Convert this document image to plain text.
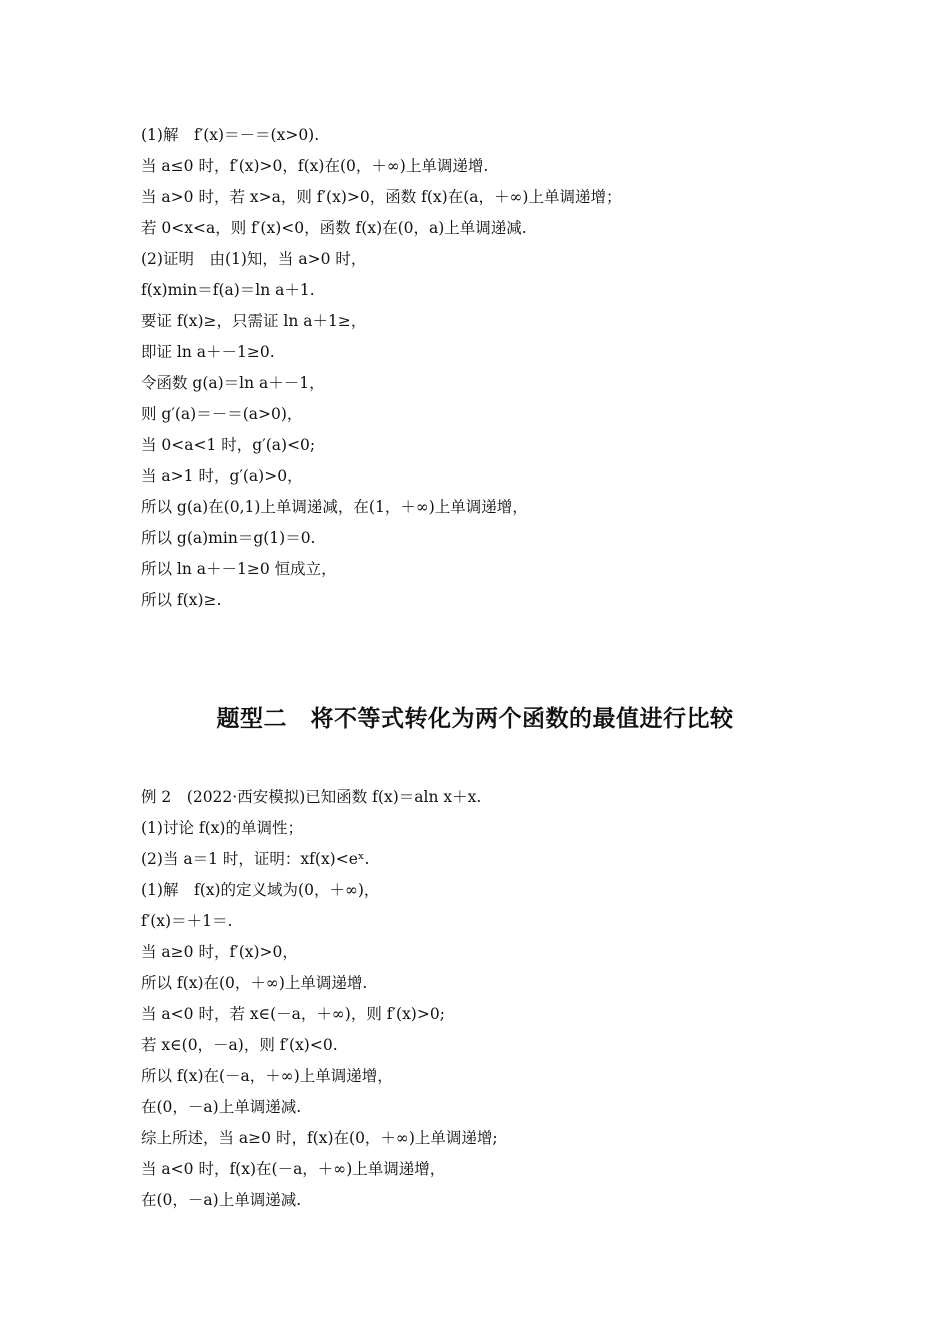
(1)解　f′(x)＝－＝(x>0).
当 a≤0 时，f′(x)>0，f(x)在(0，＋∞)上单调递增.
当 a>0 时，若 x>a，则 f′(x)>0，函数 f(x)在(a，＋∞)上单调递增；
若 0<x<a，则 f′(x)<0，函数 f(x)在(0，a)上单调递减.
(2)证明　由(1)知，当 a>0 时，
f(x)min＝f(a)＝ln a＋1.
要证 f(x)≥，只需证 ln a＋1≥，
即证 ln a＋－1≥0.
令函数 g(a)＝ln a＋－1，
则 g′(a)＝－＝(a>0)，
当 0<a<1 时，g′(a)<0;
当 a>1 时，g′(a)>0，
所以 g(a)在(0,1)上单调递减，在(1，＋∞)上单调递增，
所以 g(a)min＝g(1)＝0.
所以 ln a＋－1≥0 恒成立，
所以 f(x)≥.
题型二　将不等式转化为两个函数的最值进行比较
例 2　(2022·西安模拟)已知函数 f(x)＝aln x＋x.
(1)讨论 f(x)的单调性；
(2)当 a＝1 时，证明：xf(x)<eˣ.
(1)解　f(x)的定义域为(0，＋∞)，
f′(x)＝＋1＝.
当 a≥0 时，f′(x)>0，
所以 f(x)在(0，＋∞)上单调递增.
当 a<0 时，若 x∈(－a，＋∞)，则 f′(x)>0;
若 x∈(0，－a)，则 f′(x)<0.
所以 f(x)在(－a，＋∞)上单调递增，
在(0，－a)上单调递减.
综上所述，当 a≥0 时，f(x)在(0，＋∞)上单调递增;
当 a<0 时，f(x)在(－a，＋∞)上单调递增，
在(0，－a)上单调递减.
